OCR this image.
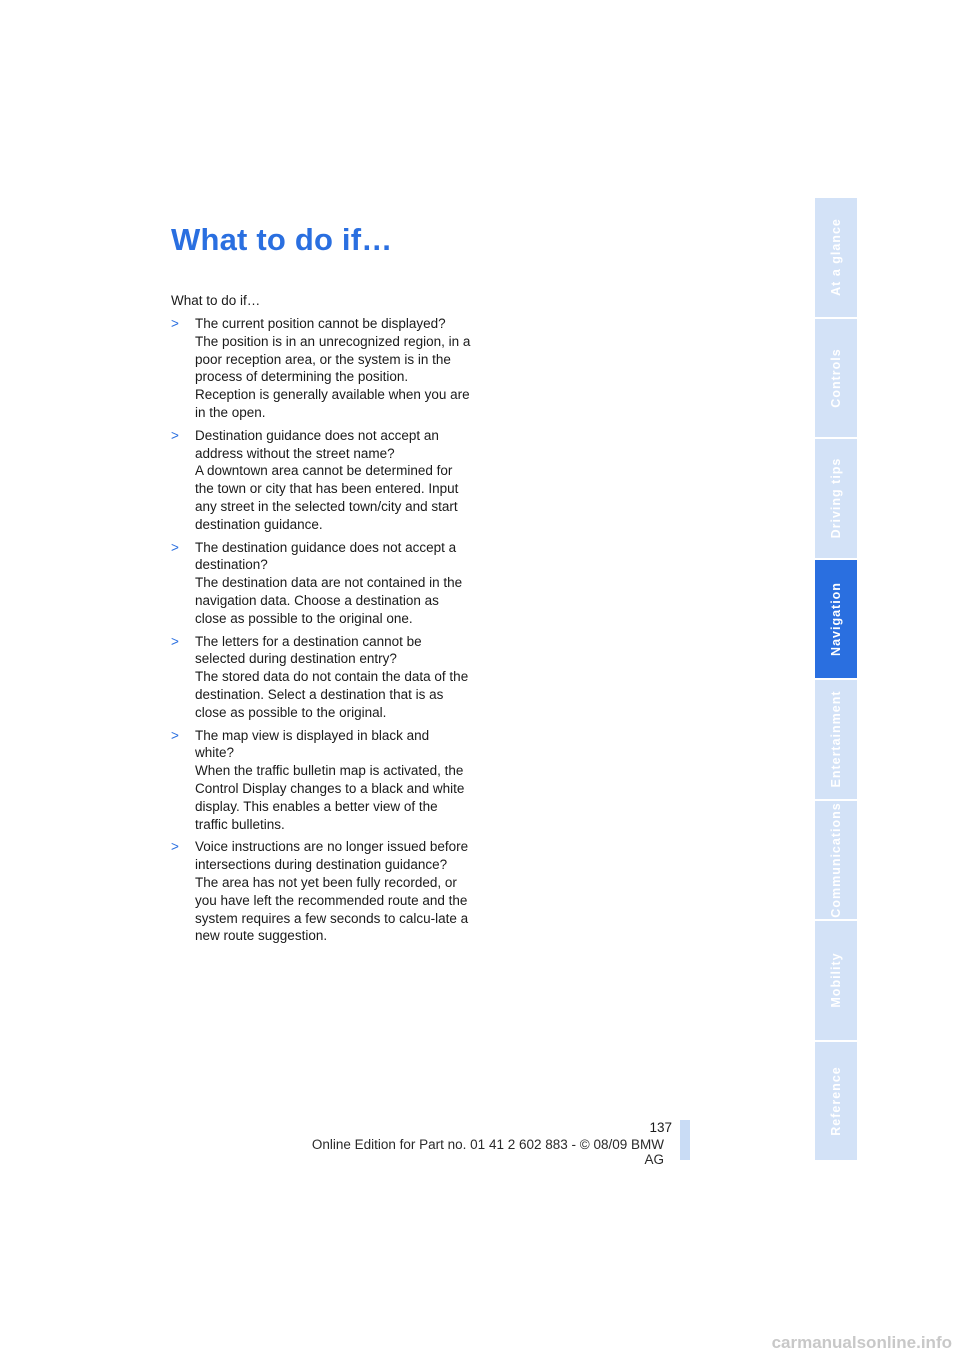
What to do if…
What to do if…
> The current position cannot be displayed?
The position is in an unrecognized region, in a poor reception area, or the system is in the process of determining the position. Reception is generally available when you are in the open.
> Destination guidance does not accept an address without the street name?
A downtown area cannot be determined for the town or city that has been entered. Input any street in the selected town/city and start destination guidance.
> The destination guidance does not accept a destination?
The destination data are not contained in the navigation data. Choose a destination as close as possible to the original one.
> The letters for a destination cannot be selected during destination entry?
The stored data do not contain the data of the destination. Select a destination that is as close as possible to the original.
> The map view is displayed in black and white?
When the traffic bulletin map is activated, the Control Display changes to a black and white display. This enables a better view of the traffic bulletins.
> Voice instructions are no longer issued before intersections during destination guidance?
The area has not yet been fully recorded, or you have left the recommended route and the system requires a few seconds to calcu-late a new route suggestion.
At a glance
Controls
Driving tips
Navigation
Entertainment
Communications
Mobility
Reference
137
Online Edition for Part no. 01 41 2 602 883 - © 08/09 BMW AG
carmanualsonline.info
